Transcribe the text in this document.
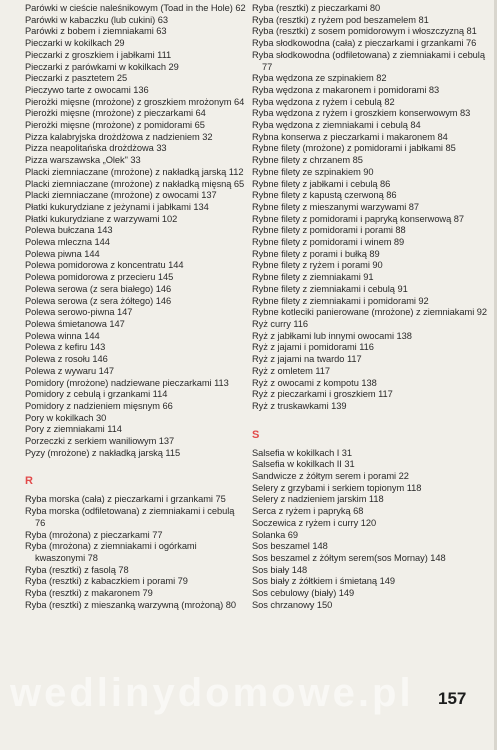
Parówki w cieście naleśnikowym (Toad in the Hole) 62
Parówki w kabaczku (lub cukini) 63
Parówki z bobem i ziemniakami 63
Pieczarki w kokilkach 29
Pieczarki z groszkiem i jabłkami 111
Pieczarki z parówkami w kokilkach 29
Pieczarki z pasztetem 25
Pieczywo tarte z owocami 136
Pierożki mięsne (mrożone) z groszkiem mrożonym 64
Pierożki mięsne (mrożone) z pieczarkami 64
Pierożki mięsne (mrożone) z pomidorami 65
Pizza kalabryjska drożdżowa z nadzieniem 32
Pizza neapolitańska drożdżowa 33
Pizza warszawska „Olek" 33
Placki ziemniaczane (mrożone) z nakładką jarską 112
Placki ziemniaczane (mrożone) z nakładką mięsną 65
Placki ziemniaczane (mrożone) z owocami 137
Płatki kukurydziane z jeżynami i jabłkami 134
Płatki kukurydziane z warzywami 102
Polewa bułczana 143
Polewa mleczna 144
Polewa piwna 144
Polewa pomidorowa z koncentratu 144
Polewa pomidorowa z przecieru 145
Polewa serowa (z sera białego) 146
Polewa serowa (z sera żółtego) 146
Polewa serowo-piwna 147
Polewa śmietanowa 147
Polewa winna 144
Polewa z kefiru 143
Polewa z rosołu 146
Polewa z wywaru 147
Pomidory (mrożone) nadziewane pieczarkami 113
Pomidory z cebulą i grzankami 114
Pomidory z nadzieniem mięsnym 66
Pory w kokilkach 30
Pory z ziemniakami 114
Porzeczki z serkiem waniliowym 137
Pyzy (mrożone) z nakładką jarską 115
R
Ryba morska (cała) z pieczarkami i grzankami 75
Ryba morska (odfiletowana) z ziemniakami i cebulą 76
Ryba (mrożona) z pieczarkami 77
Ryba (mrożona) z ziemniakami i ogórkami kwaszonymi 78
Ryba (resztki) z fasolą 78
Ryba (resztki) z kabaczkiem i porami 79
Ryba (resztki) z makaronem 79
Ryba (resztki) z mieszanką warzywną (mrożoną) 80
Ryba (resztki) z pieczarkami 80
Ryba (resztki) z ryżem pod beszamelem 81
Ryba (resztki) z sosem pomidorowym i włoszczyzną 81
Ryba słodkowodna (cała) z pieczarkami i grzankami 76
Ryba słodkowodna (odfiletowana) z ziemniakami i cebulą 77
Ryba wędzona ze szpinakiem 82
Ryba wędzona z makaronem i pomidorami 83
Ryba wędzona z ryżem i cebulą 82
Ryba wędzona z ryżem i groszkiem konserwowym 83
Ryba wędzona z ziemniakami i cebulą 84
Rybna konserwa z pieczarkami i makaronem 84
Rybne filety (mrożone) z pomidorami i jabłkami 85
Rybne filety z chrzanem 85
Rybne filety ze szpinakiem 90
Rybne filety z jabłkami i cebulą 86
Rybne filety z kapustą czerwoną 86
Rybne filety z mieszanymi warzywami 87
Rybne filety z pomidorami i papryką konserwową 87
Rybne filety z pomidorami i porami 88
Rybne filety z pomidorami i winem 89
Rybne filety z porami i bułką 89
Rybne filety z ryżem i porami 90
Rybne filety z ziemniakami 91
Rybne filety z ziemniakami i cebulą 91
Rybne filety z ziemniakami i pomidorami 92
Rybne kotleciki panierowane (mrożone) z ziemniakami 92
Ryż curry 116
Ryż z jabłkami lub innymi owocami 138
Ryż z jajami i pomidorami 116
Ryż z jajami na twardo 117
Ryż z omletem 117
Ryż z owocami z kompotu 138
Ryż z pieczarkami i groszkiem 117
Ryż z truskawkami 139
S
Salsefia w kokilkach I 31
Salsefia w kokilkach II 31
Sandwicze z żółtym serem i porami 22
Selery z grzybami i serkiem topionym 118
Selery z nadzieniem jarskim 118
Serca z ryżem i papryką 68
Soczewica z ryżem i curry 120
Solanka 69
Sos beszamel 148
Sos beszamel z żółtym serem(sos Mornay) 148
Sos biały 148
Sos biały z żółtkiem i śmietaną 149
Sos cebulowy (biały) 149
Sos chrzanowy 150
wedlinydomowe.pl	157
